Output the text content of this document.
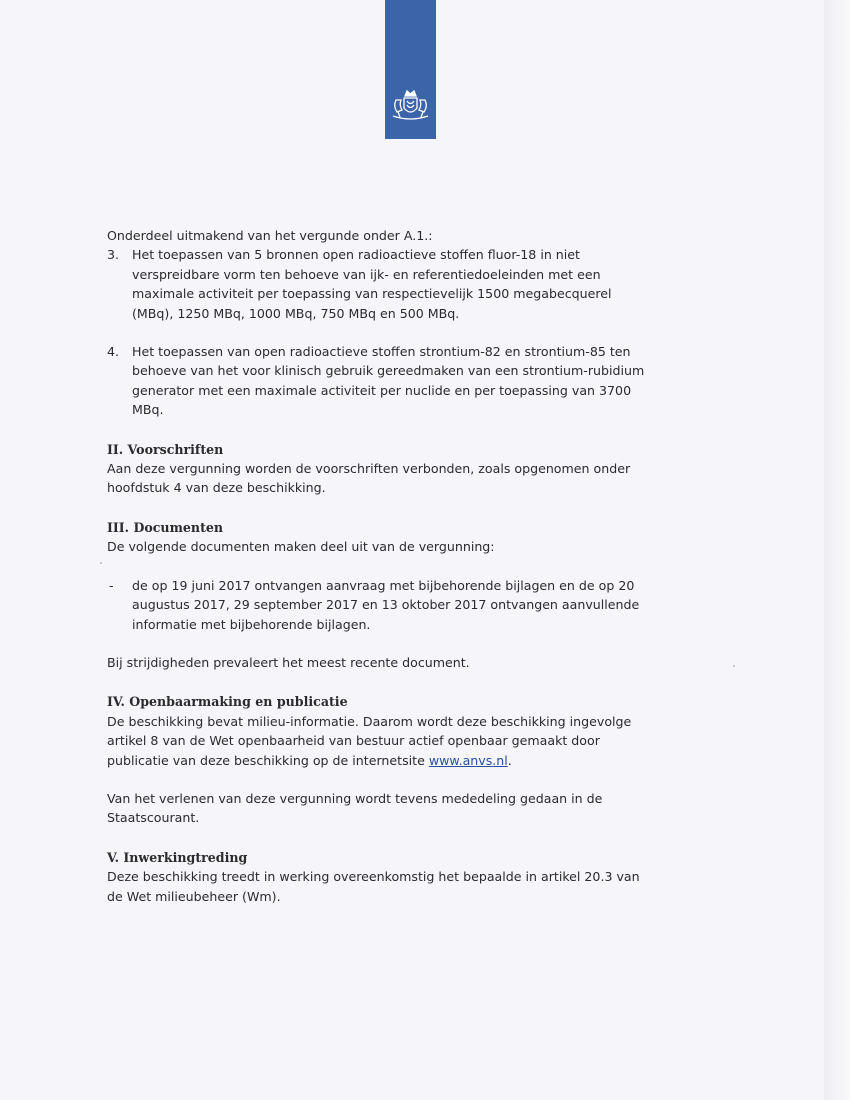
Onderdeel uitmakend van het vergunde onder A.1.:

3. Het toepassen van 5 bronnen open radioactieve stoffen fluor-18 in niet verspreidbare vorm ten behoeve van ijk- en referentiedoeleinden met een maximale activiteit per toepassing van respectievelijk 1500 megabecquerel (MBq), 1250 MBq, 1000 MBq, 750 MBq en 500 MBq.

4. Het toepassen van open radioactieve stoffen strontium-82 en strontium-85 ten behoeve van het voor klinisch gebruik gereedmaken van een strontium-rubidium generator met een maximale activiteit per nuclide en per toepassing van 3700 MBq.

II. Voorschriften

Aan deze vergunning worden de voorschriften verbonden, zoals opgenomen onder hoofdstuk 4 van deze beschikking.

III. Documenten

De volgende documenten maken deel uit van de vergunning:

- de op 19 juni 2017 ontvangen aanvraag met bijbehorende bijlagen en de op 20 augustus 2017, 29 september 2017 en 13 oktober 2017 ontvangen aanvullende informatie met bijbehorende bijlagen.

Bij strijdigheden prevaleert het meest recente document.

IV. Openbaarmaking en publicatie

De beschikking bevat milieu-informatie. Daarom wordt deze beschikking ingevolge artikel 8 van de Wet openbaarheid van bestuur actief openbaar gemaakt door publicatie van deze beschikking op de internetsite www.anvs.nl.

Van het verlenen van deze vergunning wordt tevens mededeling gedaan in de Staatscourant.

V. Inwerkingtreding

Deze beschikking treedt in werking overeenkomstig het bepaalde in artikel 20.3 van de Wet milieubeheer (Wm).
